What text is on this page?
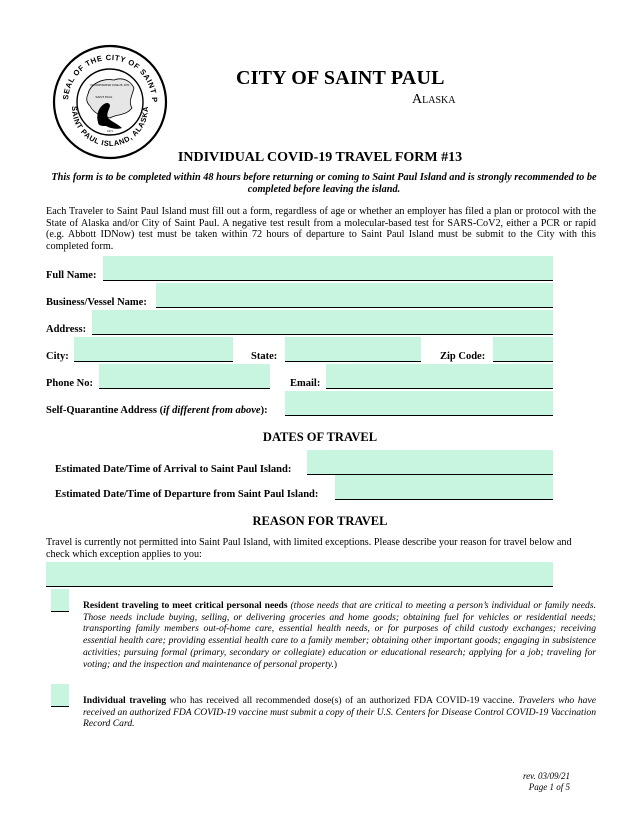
SEAL OF THE CITY OF SAINT P
SAINT PAUL ISLAND, ALASKA
INCORPORATED JUNE 28, 1971
SAINT PAUL
1971
CITY OF SAINT PAUL
Alaska
INDIVIDUAL COVID-19 TRAVEL FORM #13
This form is to be completed within 48 hours before returning or coming to Saint Paul Island and is strongly recommended to be completed before leaving the island.
Each Traveler to Saint Paul Island must fill out a form, regardless of age or whether an employer has filed a plan or protocol with the State of Alaska and/or City of Saint Paul. A negative test result from a molecular-based test for SARS-CoV2, either a PCR or rapid (e.g. Abbott IDNow) test must be taken within 72 hours of departure to Saint Paul Island must be submit to the City with this completed form.
Full Name:
Business/Vessel Name:
Address:
City:	State:	Zip Code:
Phone No:	Email:
Self-Quarantine Address (if different from above):
DATES OF TRAVEL
Estimated Date/Time of Arrival to Saint Paul Island:
Estimated Date/Time of Departure from Saint Paul Island:
REASON FOR TRAVEL
Travel is currently not permitted into Saint Paul Island, with limited exceptions. Please describe your reason for travel below and check which exception applies to you:
Resident traveling to meet critical personal needs (those needs that are critical to meeting a person’s individual or family needs. Those needs include buying, selling, or delivering groceries and home goods; obtaining fuel for vehicles or residential needs; transporting family members out-of-home care, essential health needs, or for purposes of child custody exchanges; receiving essential health care; providing essential health care to a family member; obtaining other important goods; engaging in subsistence activities; pursuing formal (primary, secondary or collegiate) education or educational research; applying for a job; traveling for voting; and the inspection and maintenance of personal property.)
Individual traveling who has received all recommended dose(s) of an authorized FDA COVID-19 vaccine. Travelers who have received an authorized FDA COVID-19 vaccine must submit a copy of their U.S. Centers for Disease Control COVID-19 Vaccination Record Card.
rev. 03/09/21
Page 1 of 5
